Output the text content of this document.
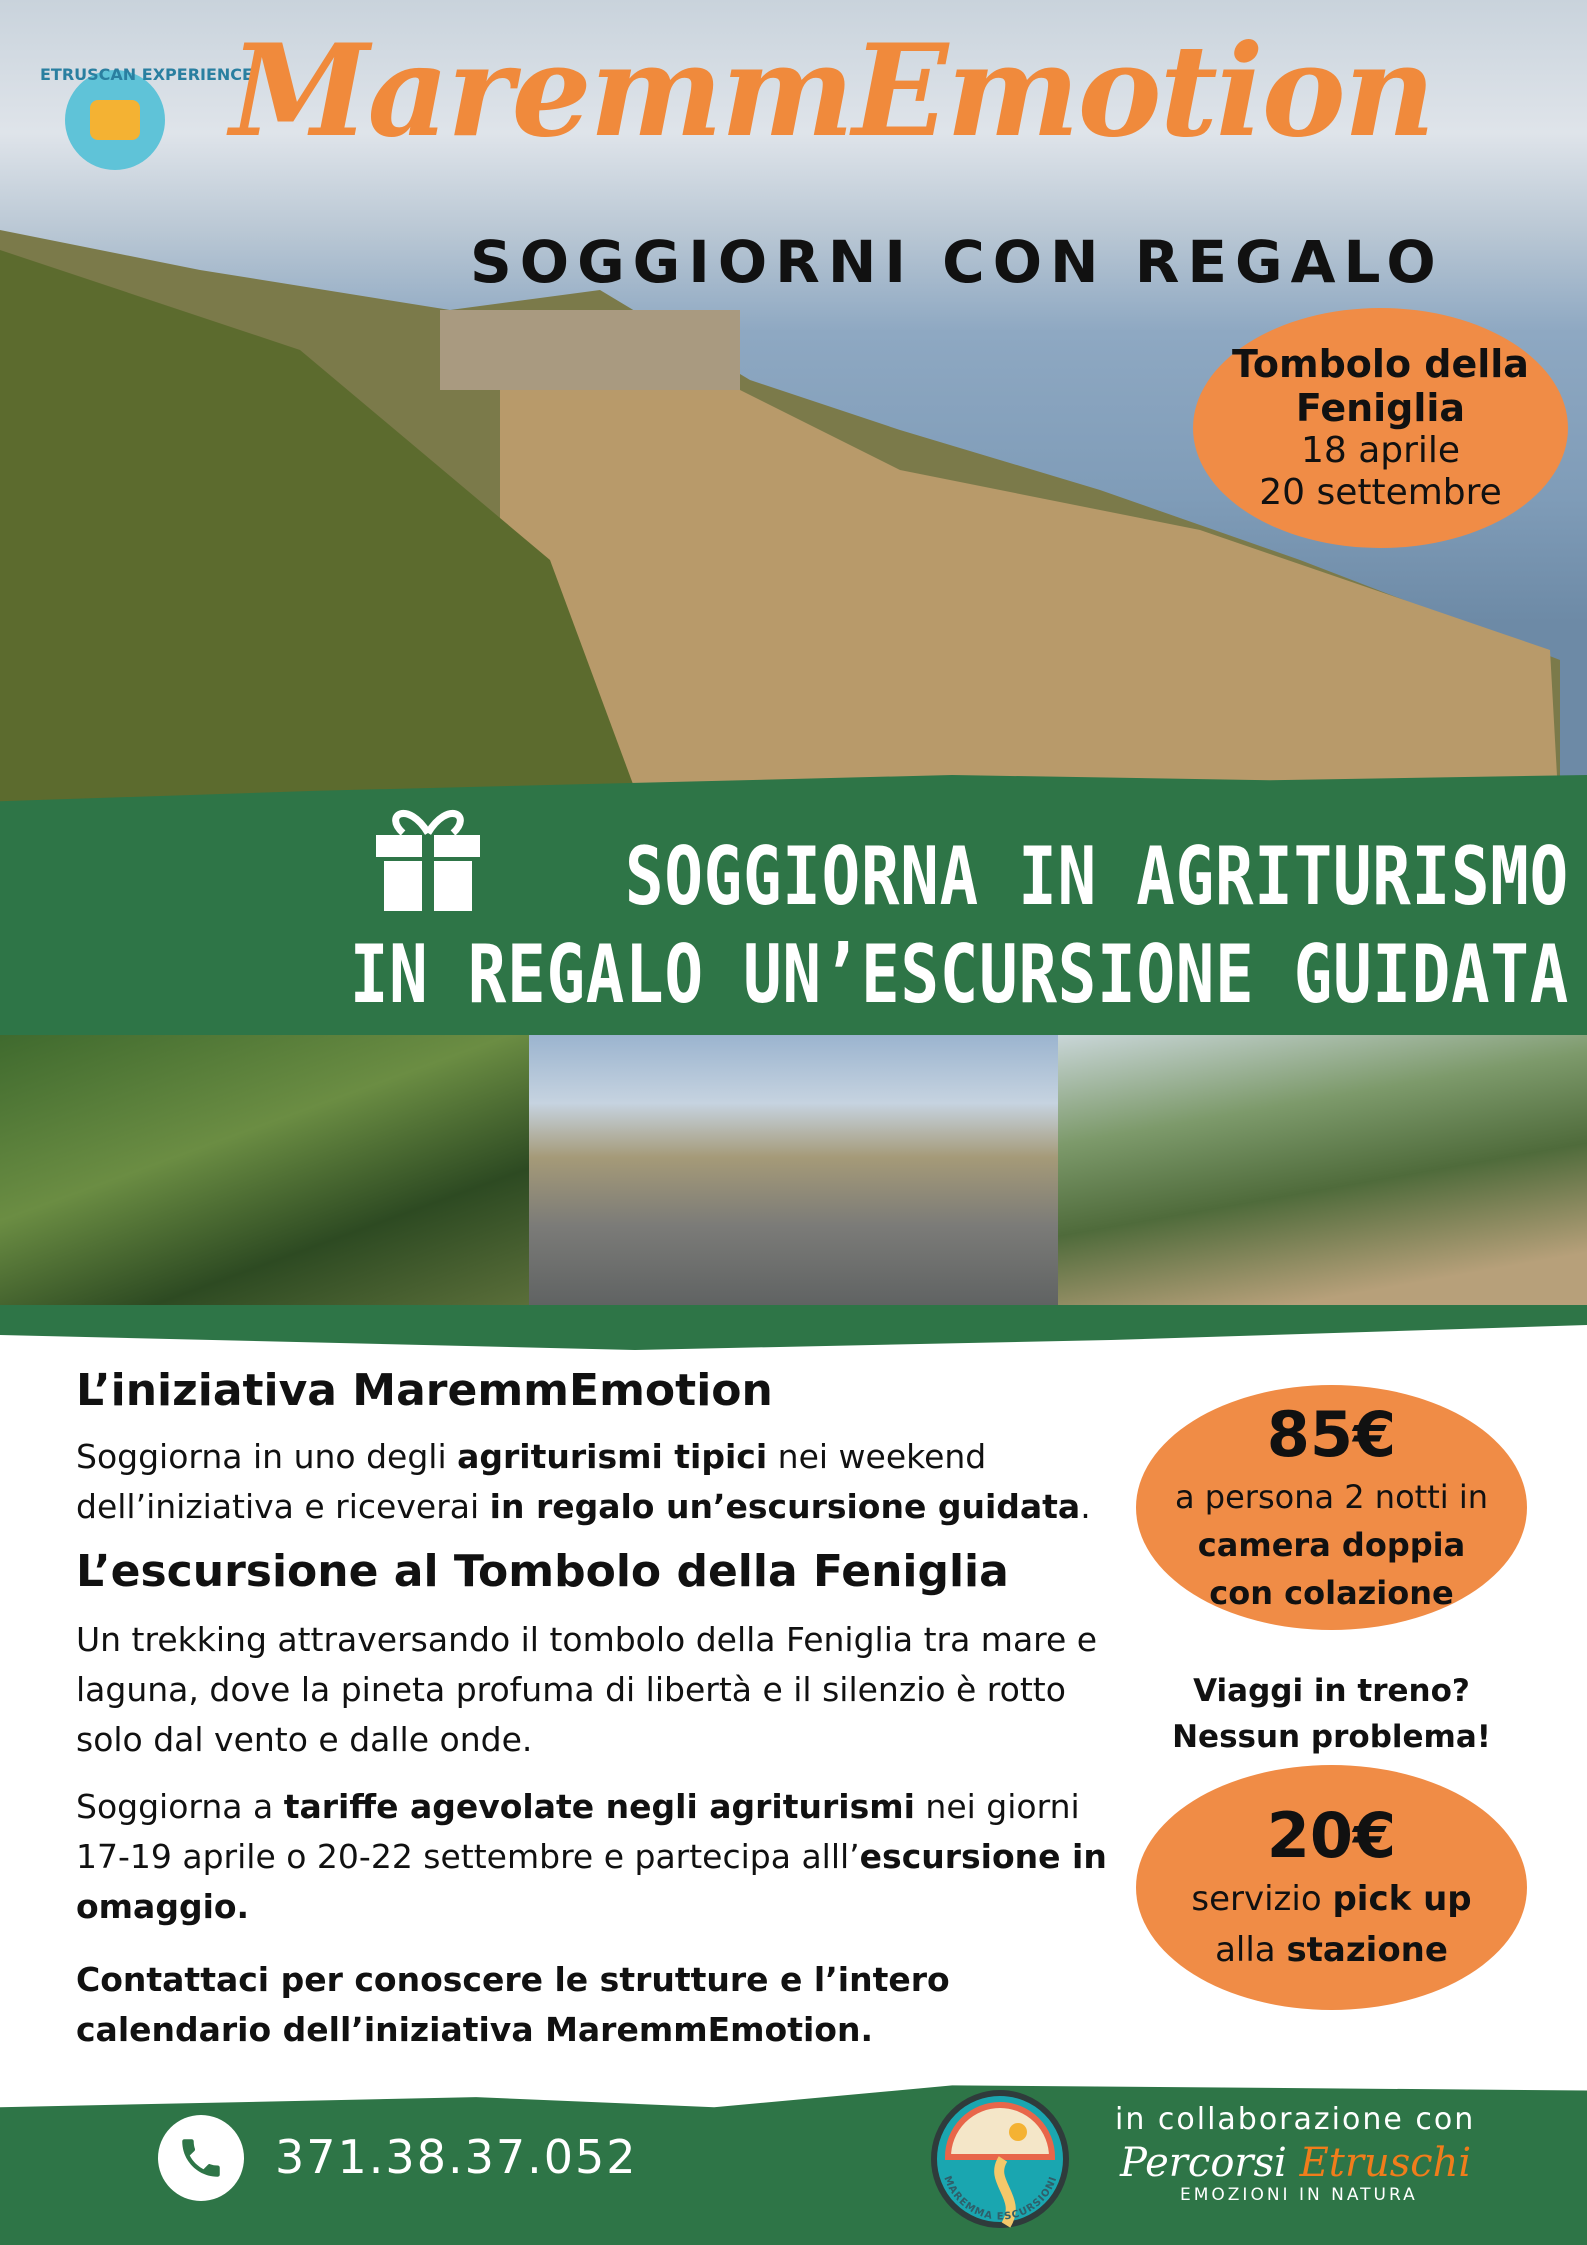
ETRUSCAN EXPERIENCE
MaremmEmotion
SOGGIORNI CON REGALO
Tombolo della Feniglia
18 aprile
20 settembre
SOGGIORNA IN AGRITURISMO
IN REGALO UN’ESCURSIONE GUIDATA
L’iniziativa MaremmEmotion
Soggiorna in uno degli agriturismi tipici nei weekend dell’iniziativa e riceverai in regalo un’escursione guidata.
L’escursione al Tombolo della Feniglia
Un trekking attraversando il tombolo della Feniglia tra mare e laguna, dove la pineta profuma di libertà e il silenzio è rotto solo dal vento e dalle onde.
Soggiorna a tariffe agevolate negli agriturismi nei giorni 17-19 aprile o 20-22 settembre e partecipa alll’escursione in omaggio.
Contattaci per conoscere le strutture e l’intero calendario dell’iniziativa MaremmEmotion.
85€
a persona 2 notti in
camera doppia
con colazione
Viaggi in treno?
Nessun problema!
20€
servizio pick up
alla stazione
371.38.37.052	MAREMMA ESCURSIONI
in collaborazione con
Percorsi Etruschi
EMOZIONI IN NATURA
